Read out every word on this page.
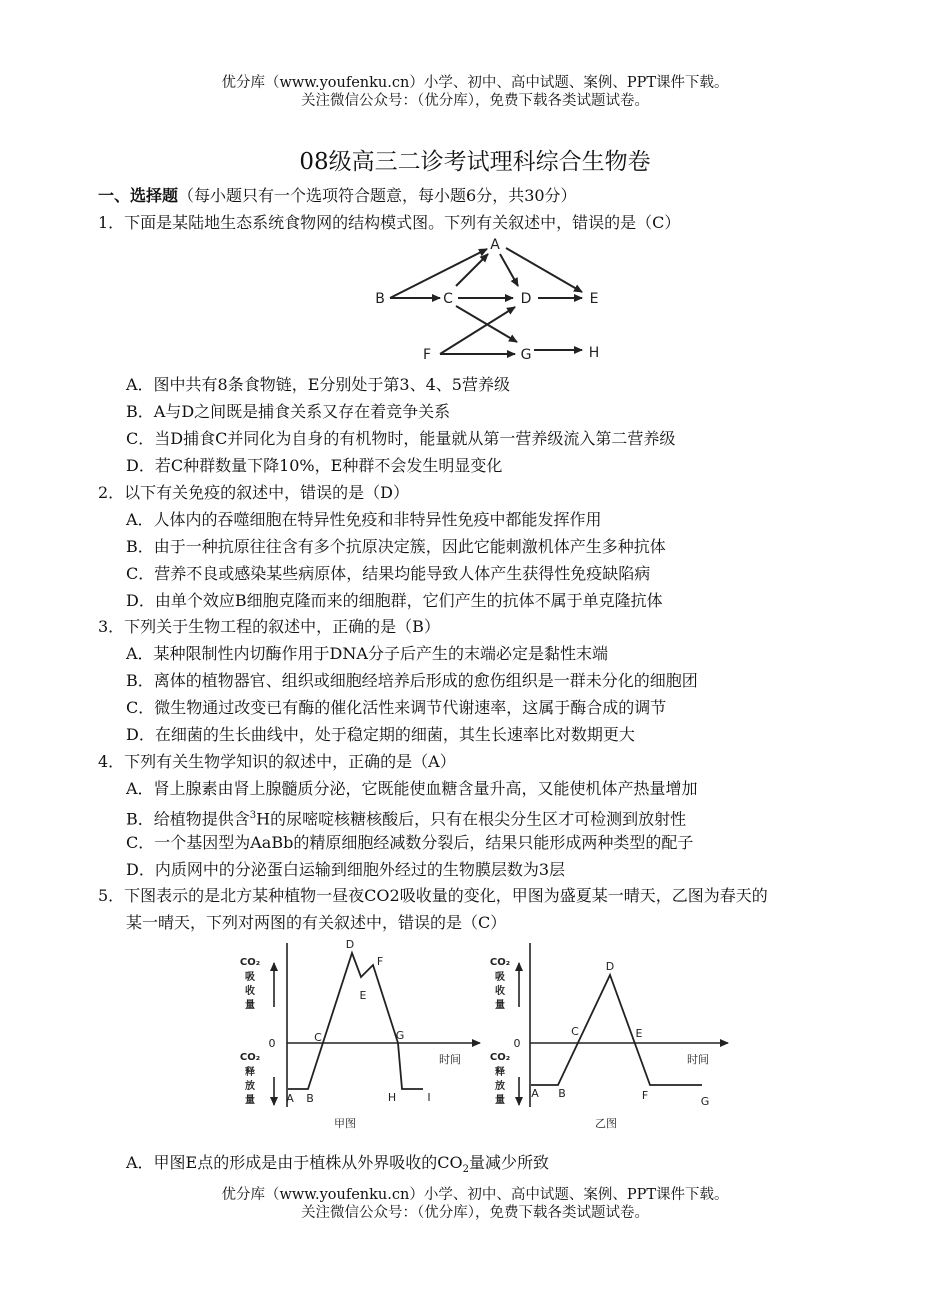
优分库（www.youfenku.cn）小学、初中、高中试题、案例、PPT课件下载。
关注微信公众号：（优分库），免费下载各类试题试卷。
08级高三二诊考试理科综合生物卷
一、选择题（每小题只有一个选项符合题意，每小题6分，共30分）
1．下面是某陆地生态系统食物网的结构模式图。下列有关叙述中，错误的是（C）
A
B	C	D	E
F	G	H
A．图中共有8条食物链，E分别处于第3、4、5营养级
B．A与D之间既是捕食关系又存在着竞争关系
C．当D捕食C并同化为自身的有机物时，能量就从第一营养级流入第二营养级
D．若C种群数量下降10%，E种群不会发生明显变化
2．以下有关免疫的叙述中，错误的是（D）
A．人体内的吞噬细胞在特异性免疫和非特异性免疫中都能发挥作用
B．由于一种抗原往往含有多个抗原决定簇，因此它能刺激机体产生多种抗体
C．营养不良或感染某些病原体，结果均能导致人体产生获得性免疫缺陷病
D．由单个效应B细胞克隆而来的细胞群，它们产生的抗体不属于单克隆抗体
3．下列关于生物工程的叙述中，正确的是（B）
A．某种限制性内切酶作用于DNA分子后产生的末端必定是黏性末端
B．离体的植物器官、组织或细胞经培养后形成的愈伤组织是一群未分化的细胞团
C．微生物通过改变已有酶的催化活性来调节代谢速率，这属于酶合成的调节
D．在细菌的生长曲线中，处于稳定期的细菌，其生长速率比对数期更大
4．下列有关生物学知识的叙述中，正确的是（A）
A．肾上腺素由肾上腺髓质分泌，它既能使血糖含量升高，又能使机体产热量增加
B．给植物提供含$^3$H的尿嘧啶核糖核酸后，只有在根尖分生区才可检测到放射性
C．一个基因型为AaBb的精原细胞经减数分裂后，结果只能形成两种类型的配子
D．内质网中的分泌蛋白运输到细胞外经过的生物膜层数为3层
5．下图表示的是北方某种植物一昼夜CO2吸收量的变化，甲图为盛夏某一晴天，乙图为春天的
某一晴天，下列对两图的有关叙述中，错误的是（C）
CO₂
吸
收
量
CO₂
释
放
量
0
时间
A B
C
D
E
F
G
H	I
甲图
CO₂
吸
收
量
CO₂
释
放
量
0
时间
A B
C
D
E
F	G
乙图
A．甲图E点的形成是由于植株从外界吸收的$CO_2$量减少所致
优分库（www.youfenku.cn）小学、初中、高中试题、案例、PPT课件下载。
关注微信公众号：（优分库），免费下载各类试题试卷。
